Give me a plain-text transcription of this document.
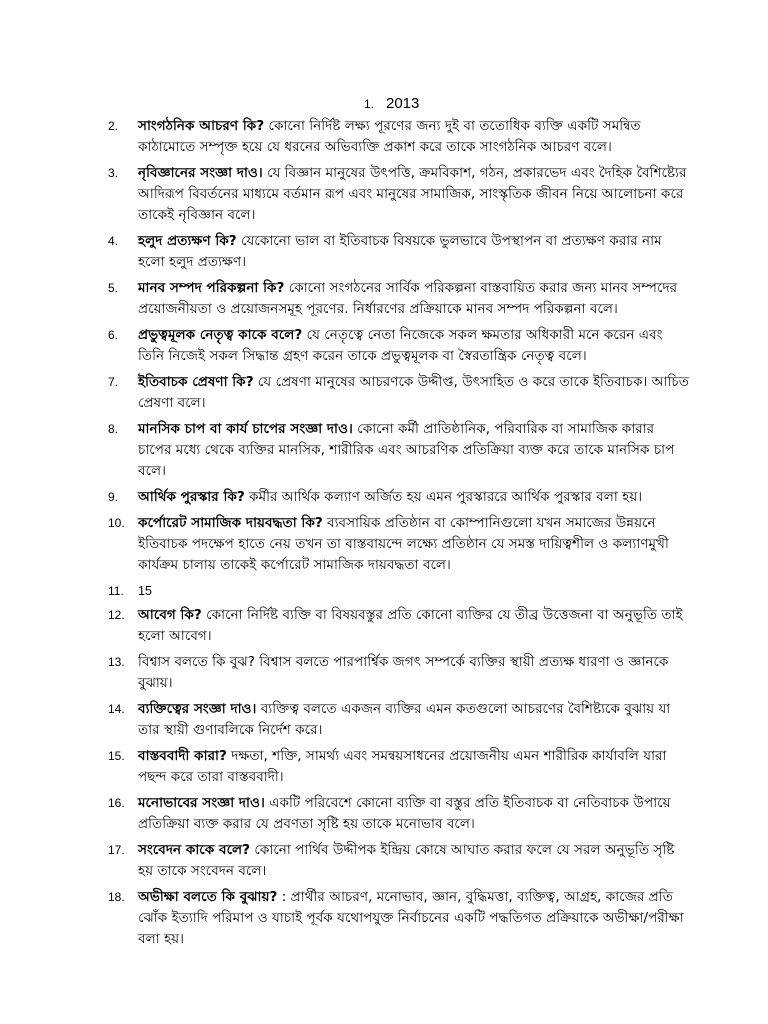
1. 2013
2.	সাংগঠনিক আচরণ কি? কোনো নির্দিষ্ট লক্ষ্য পূরণের জন্য দুই বা ততোধিক ব্যক্তি একটি সমন্বিত কাঠামোতে সম্পৃক্ত হয়ে যে ধরনের অভিব্যক্তি প্রকাশ করে তাকে সাংগঠনিক আচরণ বলে।
3.	নৃবিজ্ঞানের সংজ্ঞা দাও। যে বিজ্ঞান মানুষের উৎপত্তি, ক্রমবিকাশ, গঠন, প্রকারভেদ এবং দৈহিক বৈশিষ্ট্যের আদিরূপ বিবর্তনের মাধ্যমে বর্তমান রূপ এবং মানুষের সামাজিক, সাংস্কৃতিক জীবন নিয়ে আলোচনা করে তাকেই নৃবিজ্ঞান বলে।
4.	হলুদ প্রত্যক্ষণ কি? যেকোনো ভাল বা ইতিবাচক বিষয়কে ভুলভাবে উপস্থাপন বা প্রত্যক্ষণ করার নাম হলো হলুদ প্রত্যক্ষণ।
5.	মানব সম্পদ পরিকল্পনা কি? কোনো সংগঠনের সার্বিক পরিকল্পনা বাস্তবায়িত করার জন্য মানব সম্পদের প্রয়োজনীয়তা ও প্রয়োজনসমূহ পূরণের. নির্ধারণের প্রক্রিয়াকে মানব সম্পদ পরিকল্পনা বলে।
6.	প্রভুত্বমূলক নেতৃত্ব কাকে বলে? যে নেতৃত্বে নেতা নিজেকে সকল ক্ষমতার অধিকারী মনে করেন এবং তিনি নিজেই সকল সিদ্ধান্ত গ্রহণ করেন তাকে প্রভুত্বমূলক বা স্বৈরতান্ত্রিক নেতৃত্ব বলে।
7.	ইতিবাচক প্রেষণা কি? যে প্রেষণা মানুষের আচরণকে উদ্দীপ্ত, উৎসাহিত ও করে তাকে ইতিবাচক। আচিত প্রেষণা বলে।
8.	মানসিক চাপ বা কার্য চাপের সংজ্ঞা দাও। কোনো কর্মী প্রাতিষ্ঠানিক, পরিবারিক বা সামাজিক কারার চাপের মধ্যে থেকে ব্যক্তির মানসিক, শারীরিক এবং আচরণিক প্রতিক্রিয়া ব্যক্ত করে তাকে মানসিক চাপ বলে।
9.	আর্থিক পুরস্কার কি? কর্মীর আর্থিক কল্যাণ অর্জিত হয় এমন পুরস্কাররে আর্থিক পুরস্কার বলা হয়।
10. কর্পোরেট সামাজিক দায়বদ্ধতা কি? ব্যবসায়িক প্রতিষ্ঠান বা কোম্পানিগুলো যখন সমাজের উন্নয়নে ইতিবাচক পদক্ষেপ হাতে নেয় তখন তা বাস্তবায়ন্দে লক্ষ্যে প্রতিষ্ঠান যে সমস্ত দায়িত্বশীল ও কল্যাণমুখী কার্যক্রম চালায় তাকেই কর্পোরেট সামাজিক দায়বদ্ধতা বলে।
11.	15
12. আবেগ কি? কোনো নির্দিষ্ট ব্যক্তি বা বিষয়বস্তুর প্রতি কোনো ব্যক্তির যে তীব্র উত্তেজনা বা অনুভূতি তাই হলো আবেগ।
13. বিশ্বাস বলতে কি বুঝ? বিশ্বাস বলতে পারপার্শ্বিক জগৎ সম্পর্কে ব্যক্তির স্থায়ী প্রত্যক্ষ ধারণা ও জ্ঞানকে বুঝায়।
14. ব্যক্তিত্বের সংজ্ঞা দাও। ব্যক্তিত্ব বলতে একজন ব্যক্তির এমন কতগুলো আচরণের বৈশিষ্ট্যকে বুঝায় যা তার স্থায়ী গুণাবলিকে নির্দেশ করে।
15. বাস্তববাদী কারা? দক্ষতা, শক্তি, সামর্থ্য এবং সমন্বয়সাধনের প্রয়োজনীয় এমন শারীরিক কার্যাবলি যারা পছন্দ করে তারা বাস্তববাদী।
16. মনোভাবের সংজ্ঞা দাও। একটি পরিবেশে কোনো ব্যক্তি বা বস্তুর প্রতি ইতিবাচক বা নেতিবাচক উপায়ে প্রতিক্রিয়া ব্যক্ত করার যে প্রবণতা সৃষ্টি হয় তাকে মনোভাব বলে।
17. সংবেদন কাকে বলে? কোনো পার্থিব উদ্দীপক ইন্দ্রিয় কোষে আঘাত করার ফলে যে সরল অনুভূতি সৃষ্টি হয় তাকে সংবেদন বলে।
18. অভীক্ষা বলতে কি বুঝায়? : প্রার্থীর আচরণ, মনোভাব, জ্ঞান, বুদ্ধিমত্তা, ব্যক্তিত্ব, আগ্রহ, কাজের প্রতি ঝোঁক ইত্যাদি পরিমাপ ও যাচাই পূর্বক যথোপযুক্ত নির্বাচনের একটি পদ্ধতিগত প্রক্রিয়াকে অভীক্ষা/পরীক্ষা বলা হয়।
